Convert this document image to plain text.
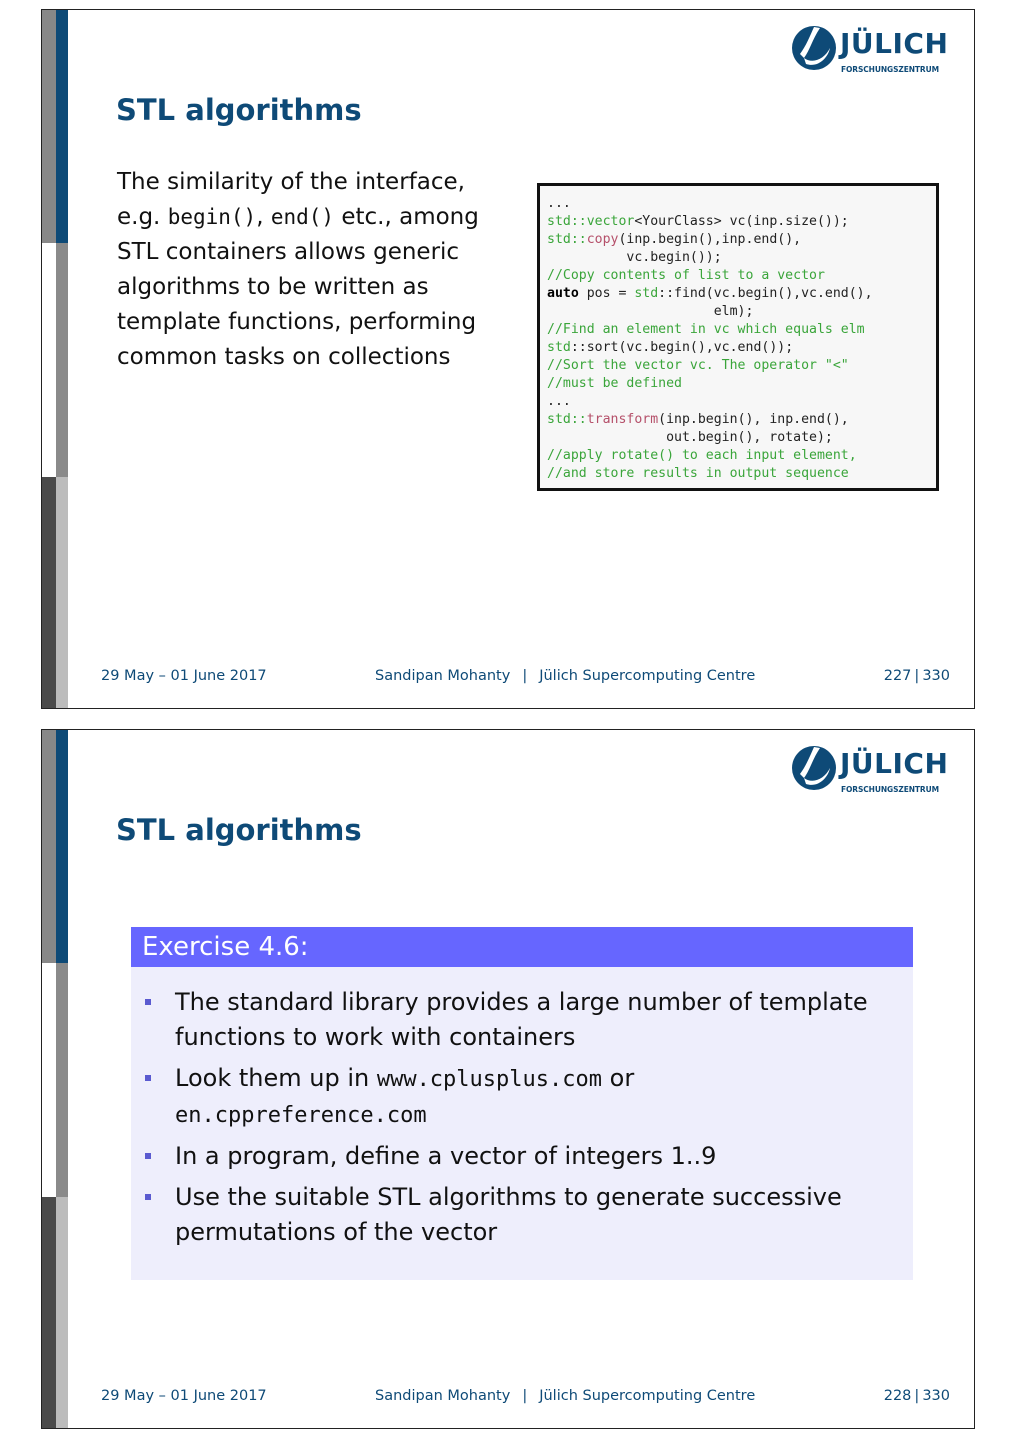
JÜLICH
FORSCHUNGSZENTRUM
STL algorithms
The similarity of the interface, e.g. begin(), end() etc., among STL containers allows generic algorithms to be written as template functions, performing common tasks on collections
...
std::vector<YourClass> vc(inp.size());
std::copy(inp.begin(),inp.end(),
vc.begin());
//Copy contents of list to a vector
auto pos = std::find(vc.begin(),vc.end(),
elm);
//Find an element in vc which equals elm
std::sort(vc.begin(),vc.end());
//Sort the vector vc. The operator "<"
//must be defined
...
std::transform(inp.begin(), inp.end(),
out.begin(), rotate);
//apply rotate() to each input element,
//and store results in output sequence
29 May – 01 June 2017	Sandipan Mohanty | Jülich Supercomputing Centre	227 | 330
JÜLICH
FORSCHUNGSZENTRUM
STL algorithms
Exercise 4.6:
The standard library provides a large number of template functions to work with containers
Look them up in www.cplusplus.com or
en.cppreference.com
In a program, define a vector of integers 1..9
Use the suitable STL algorithms to generate successive permutations of the vector
29 May – 01 June 2017	Sandipan Mohanty | Jülich Supercomputing Centre	228 | 330
